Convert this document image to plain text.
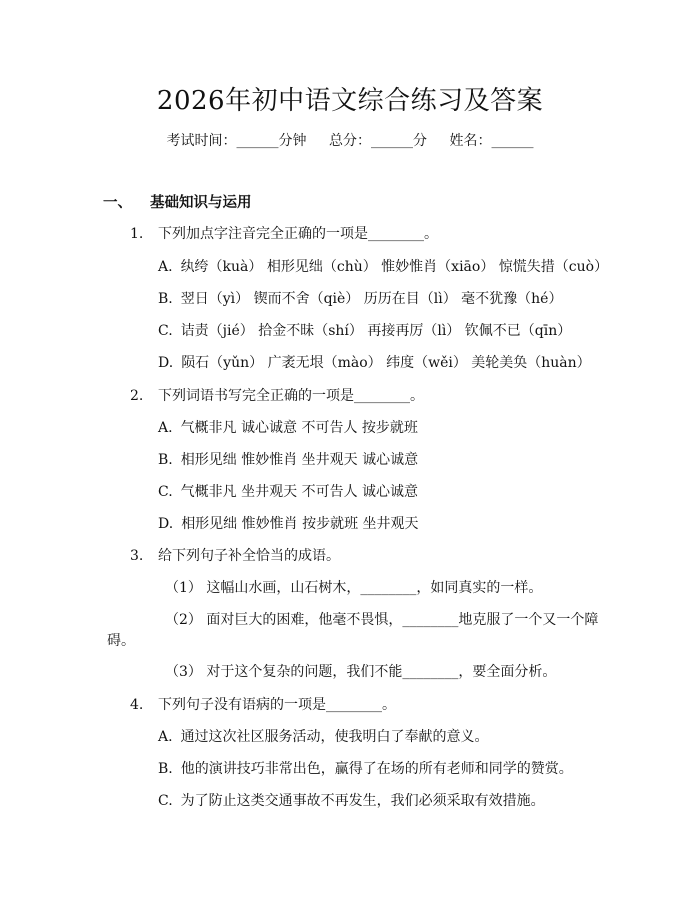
2026年初中语文综合练习及答案
考试时间：______分钟 总分：______分 姓名：______
一、 基础知识与运用
1. 下列加点字注音完全正确的一项是________。
A. 纨绔（kuà） 相形见绌（chù） 惟妙惟肖（xiāo） 惊慌失措（cuò）
B. 翌日（yì） 锲而不舍（qiè） 历历在目（lì） 毫不犹豫（hé）
C. 诘责（jié） 拾金不昧（shí） 再接再厉（lì） 钦佩不已（qīn）
D. 陨石（yǔn） 广袤无垠（mào） 纬度（wěi） 美轮美奂（huàn）
2. 下列词语书写完全正确的一项是________。
A. 气概非凡 诚心诚意 不可告人 按步就班
B. 相形见绌 惟妙惟肖 坐井观天 诚心诚意
C. 气概非凡 坐井观天 不可告人 诚心诚意
D. 相形见绌 惟妙惟肖 按步就班 坐井观天
3. 给下列句子补全恰当的成语。
（1） 这幅山水画，山石树木，________，如同真实的一样。
（2） 面对巨大的困难，他毫不畏惧，________地克服了一个又一个障
碍。
（3） 对于这个复杂的问题，我们不能________，要全面分析。
4. 下列句子没有语病的一项是________。
A. 通过这次社区服务活动，使我明白了奉献的意义。
B. 他的演讲技巧非常出色，赢得了在场的所有老师和同学的赞赏。
C. 为了防止这类交通事故不再发生，我们必须采取有效措施。
